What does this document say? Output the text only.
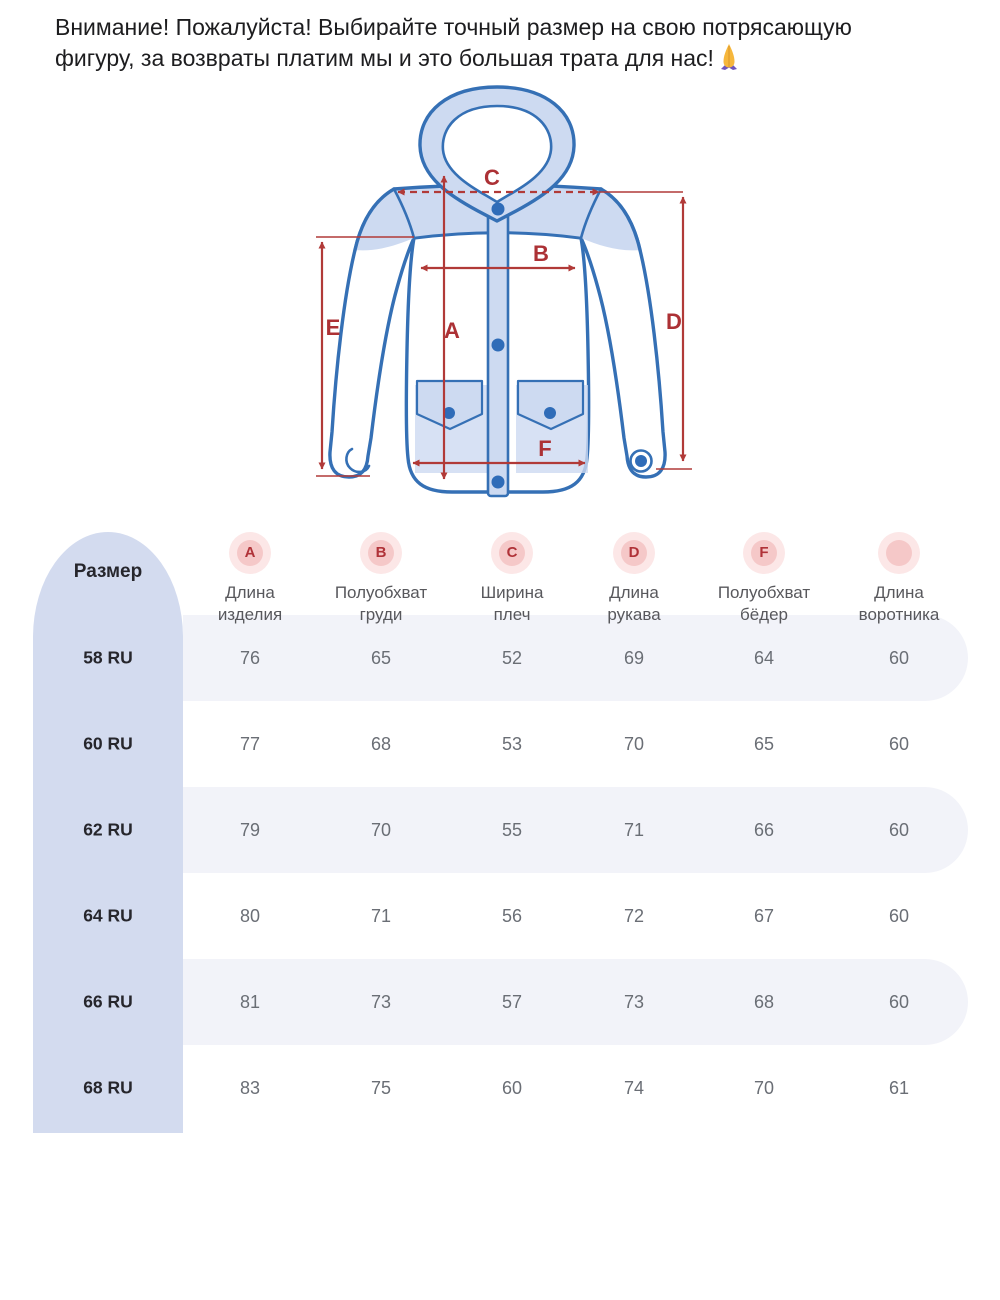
Внимание! Пожалуйста! Выбирайте точный размер на свою потрясающую
фигуру, за возвраты платим мы и это большая трата для нас!
C
B
A
E	D
F
Размер
58 RU
60 RU
62 RU
64 RU
66 RU
68 RU
A
Длина
изделия
76
77
79
80
81
83
B
Полуобхват
груди
65
68
70
71
73
75
C
Ширина
плеч
52
53
55
56
57
60
D
Длина
рукава
69
70
71
72
73
74
F
Полуобхват
бёдер
64
65
66
67
68
70
Длина
воротника
60
60
60
60
60
61
